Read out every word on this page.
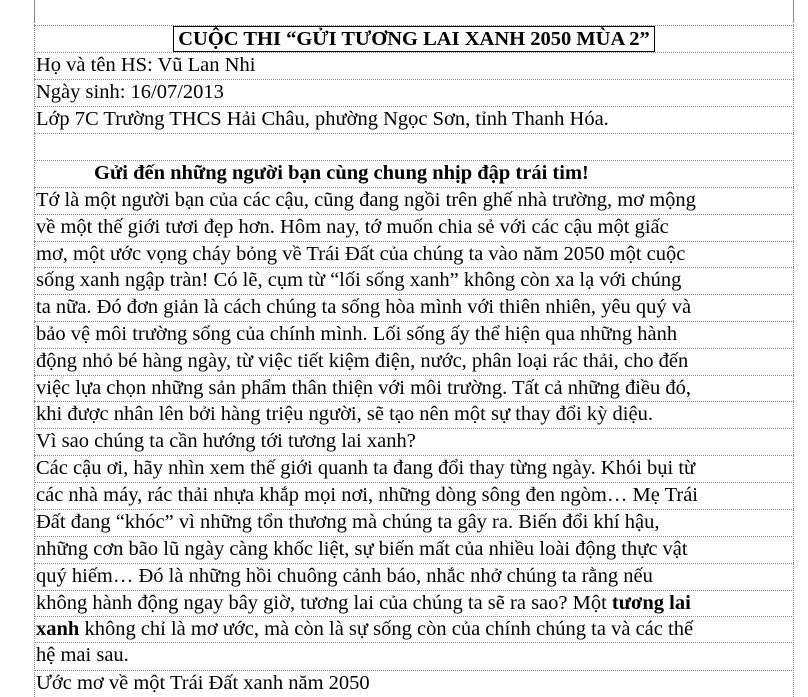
CUỘC THI “GỬI TƯƠNG LAI XANH 2050 MÙA 2”
Họ và tên HS: Vũ Lan Nhi
Ngày sinh: 16/07/2013
Lớp 7C Trường THCS Hải Châu, phường Ngọc Sơn, tỉnh Thanh Hóa.
Gửi đến những người bạn cùng chung nhịp đập trái tim!
Tớ là một người bạn của các cậu, cũng đang ngồi trên ghế nhà trường, mơ mộng
về một thế giới tươi đẹp hơn. Hôm nay, tớ muốn chia sẻ với các cậu một giấc
mơ, một ước vọng cháy bỏng về Trái Đất của chúng ta vào năm 2050 một cuộc
sống xanh ngập tràn! Có lẽ, cụm từ “lối sống xanh” không còn xa lạ với chúng
ta nữa. Đó đơn giản là cách chúng ta sống hòa mình với thiên nhiên, yêu quý và
bảo vệ môi trường sống của chính mình. Lối sống ấy thể hiện qua những hành
động nhỏ bé hàng ngày, từ việc tiết kiệm điện, nước, phân loại rác thải, cho đến
việc lựa chọn những sản phẩm thân thiện với môi trường. Tất cả những điều đó,
khi được nhân lên bởi hàng triệu người, sẽ tạo nên một sự thay đổi kỳ diệu.
Vì sao chúng ta cần hướng tới tương lai xanh?
Các cậu ơi, hãy nhìn xem thế giới quanh ta đang đổi thay từng ngày. Khói bụi từ
các nhà máy, rác thải nhựa khắp mọi nơi, những dòng sông đen ngòm… Mẹ Trái
Đất đang “khóc” vì những tổn thương mà chúng ta gây ra. Biến đổi khí hậu,
những cơn bão lũ ngày càng khốc liệt, sự biến mất của nhiều loài động thực vật
quý hiếm… Đó là những hồi chuông cảnh báo, nhắc nhở chúng ta rằng nếu
không hành động ngay bây giờ, tương lai của chúng ta sẽ ra sao? Một tương lai
xanh không chỉ là mơ ước, mà còn là sự sống còn của chính chúng ta và các thế
hệ mai sau.
Ước mơ về một Trái Đất xanh năm 2050
